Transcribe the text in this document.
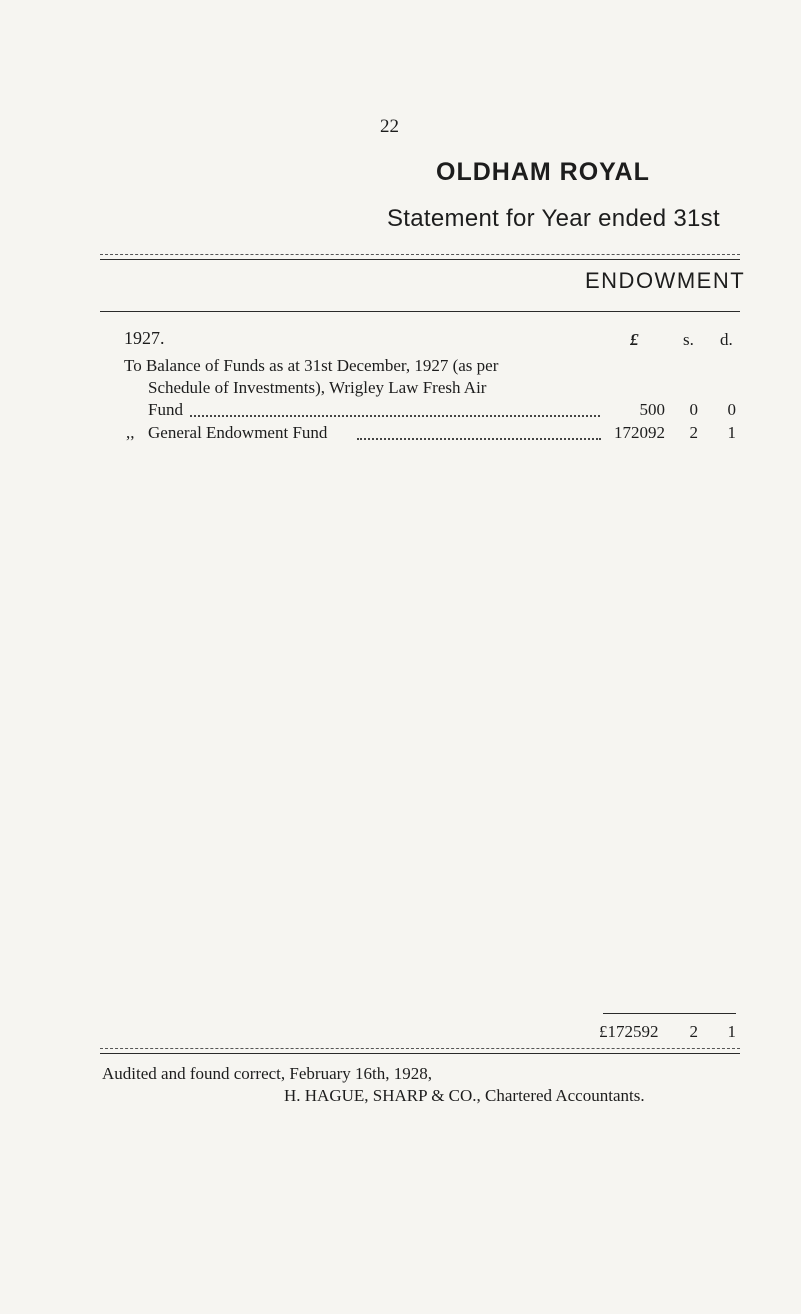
22
OLDHAM ROYAL
Statement for Year ended 31st
ENDOWMENT
1927.	£	s. d.
To Balance of Funds as at 31st December, 1927 (as per
Schedule of Investments), Wrigley Law Fresh Air
Fund	500	0	0
,, General Endowment Fund	172092	2	1
£172592	2	1
Audited and found correct, February 16th, 1928,
H. HAGUE, SHARP & CO., Chartered Accountants.
